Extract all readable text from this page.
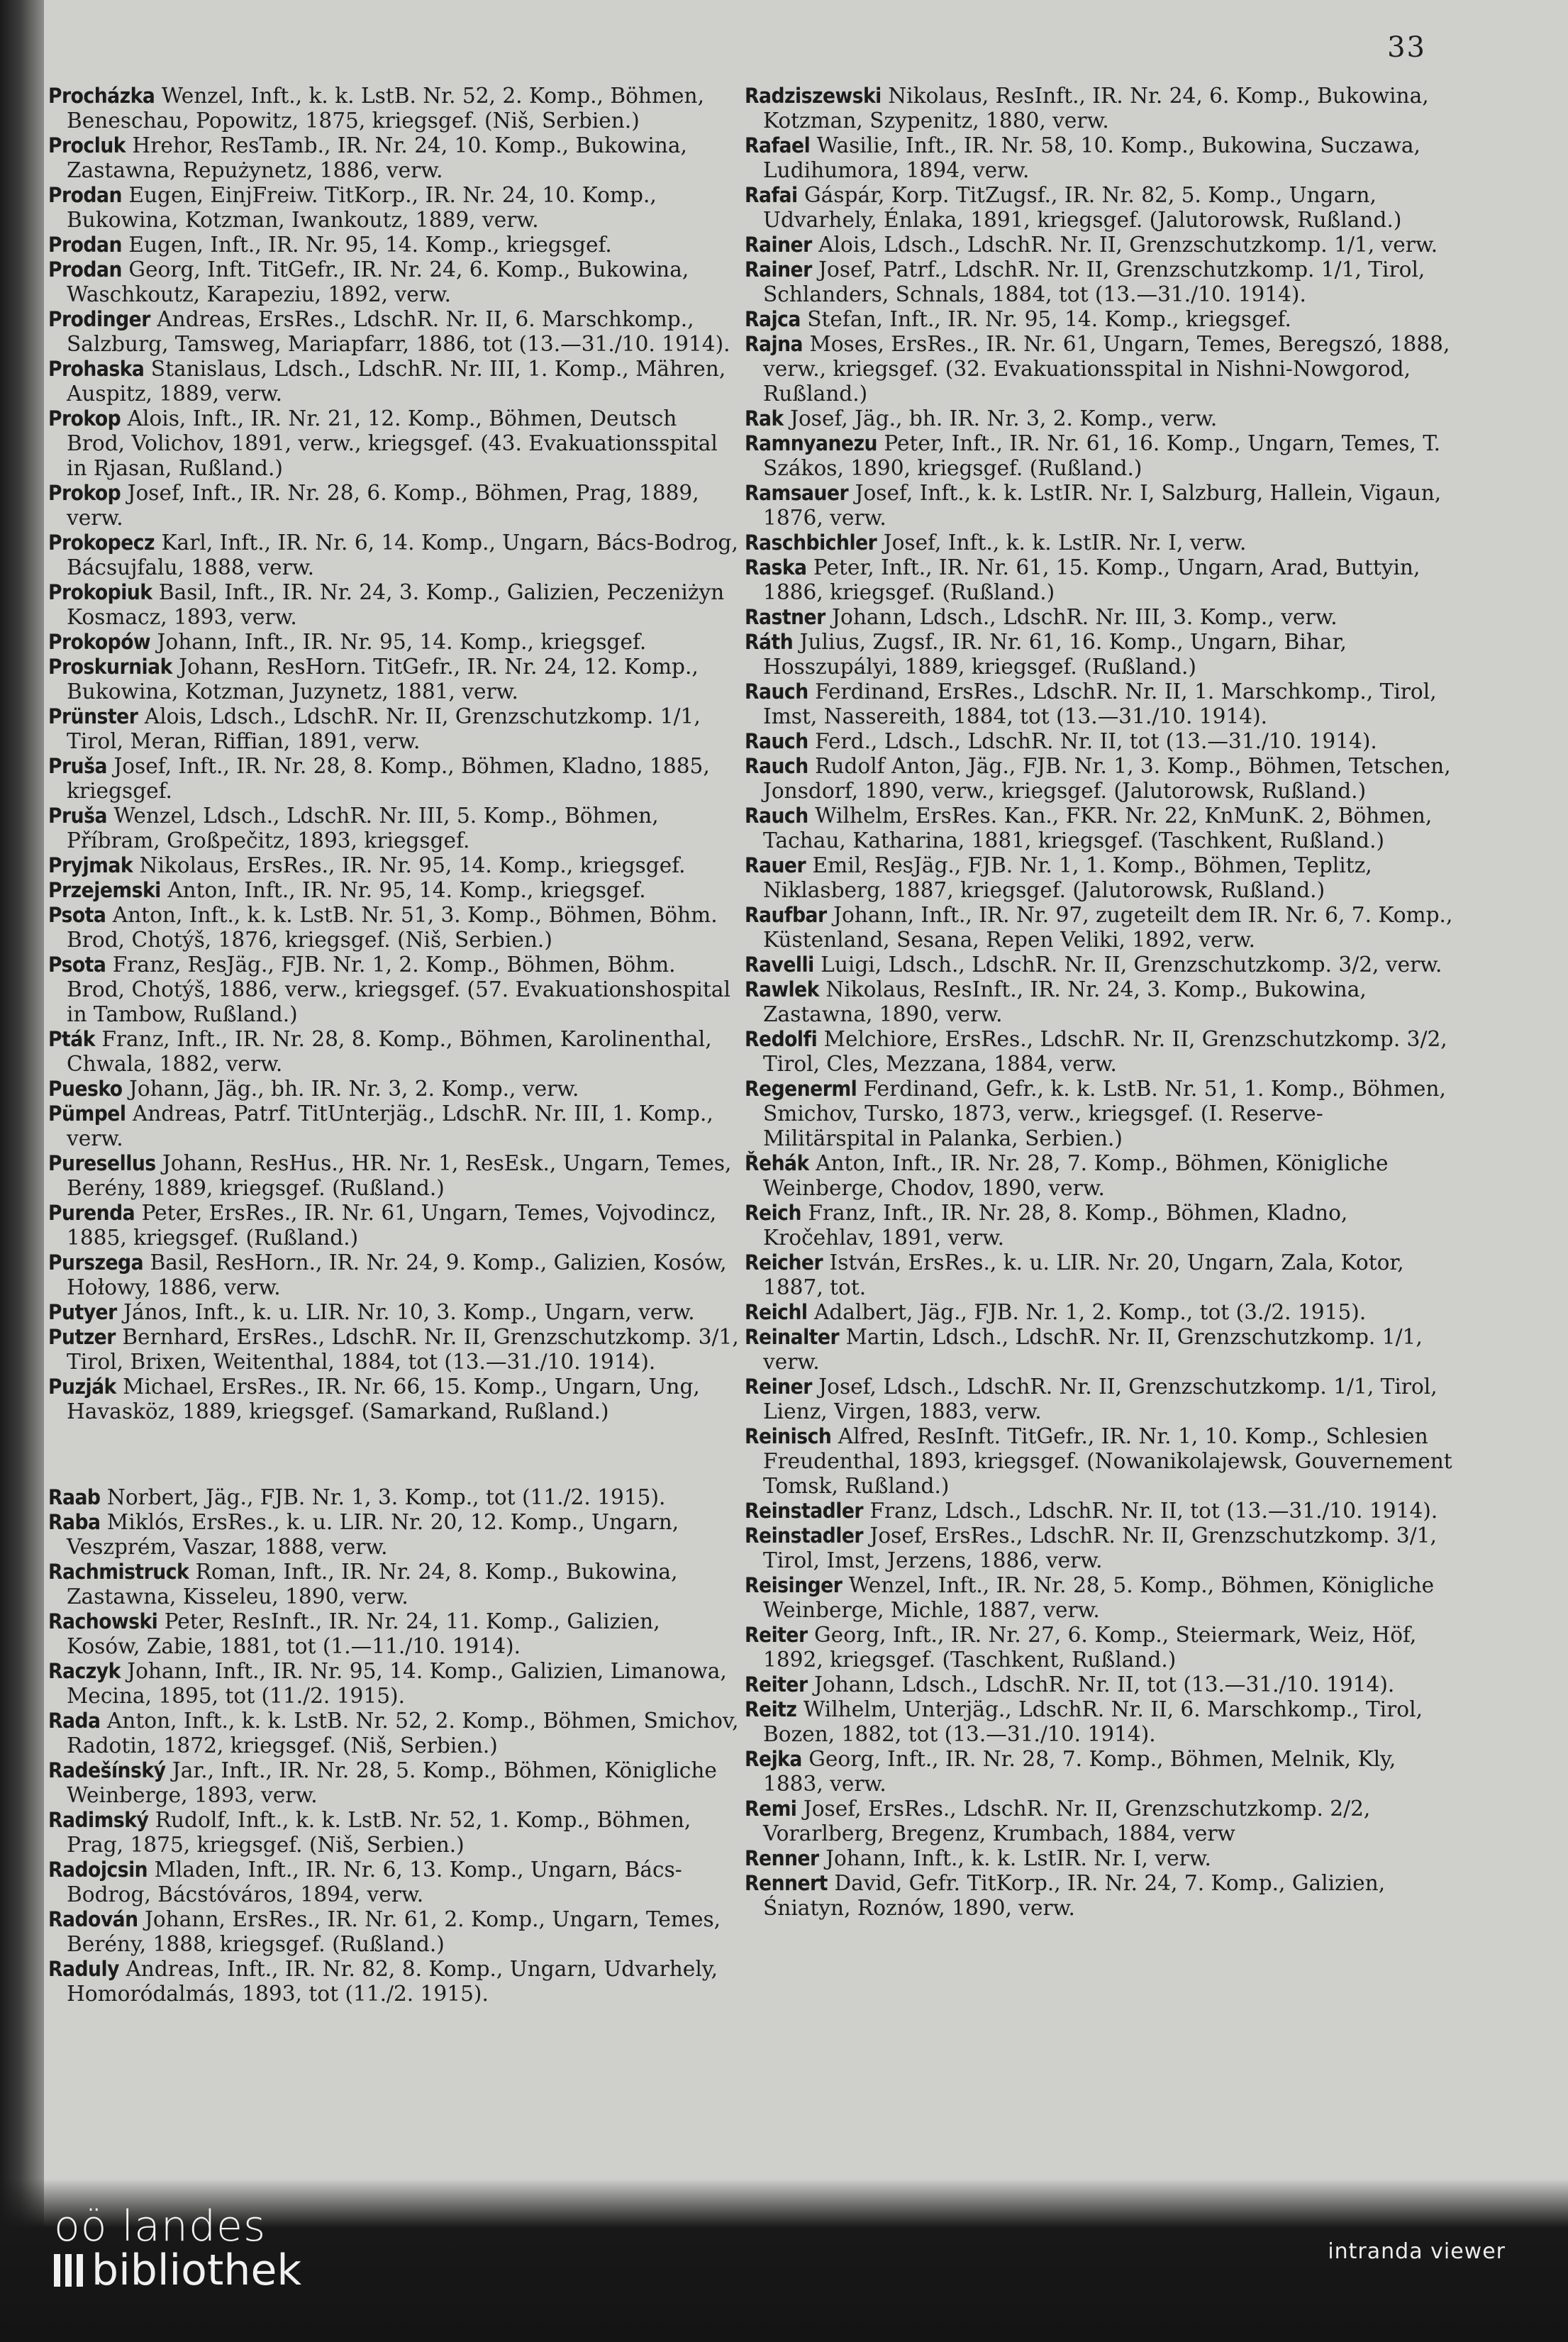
33
Procházka Wenzel, Inft., k. k. LstB. Nr. 52, 2. Komp., Böhmen, Beneschau, Popowitz, 1875, kriegsgef. (Niš, Serbien.)
Procluk Hrehor, ResTamb., IR. Nr. 24, 10. Komp., Bukowina, Zastawna, Repużynetz, 1886, verw.
Prodan Eugen, EinjFreiw. TitKorp., IR. Nr. 24, 10. Komp., Bukowina, Kotzman, Iwankoutz, 1889, verw.
Prodan Eugen, Inft., IR. Nr. 95, 14. Komp., kriegsgef.
Prodan Georg, Inft. TitGefr., IR. Nr. 24, 6. Komp., Bukowina, Waschkoutz, Karapeziu, 1892, verw.
Prodinger Andreas, ErsRes., LdschR. Nr. II, 6. Marschkomp., Salzburg, Tamsweg, Mariapfarr, 1886, tot (13.—31./10. 1914).
Prohaska Stanislaus, Ldsch., LdschR. Nr. III, 1. Komp., Mähren, Auspitz, 1889, verw.
Prokop Alois, Inft., IR. Nr. 21, 12. Komp., Böhmen, Deutsch Brod, Volichov, 1891, verw., kriegsgef. (43. Evakuationsspital in Rjasan, Rußland.)
Prokop Josef, Inft., IR. Nr. 28, 6. Komp., Böhmen, Prag, 1889, verw.
Prokopecz Karl, Inft., IR. Nr. 6, 14. Komp., Ungarn, Bács-Bodrog, Bácsujfalu, 1888, verw.
Prokopiuk Basil, Inft., IR. Nr. 24, 3. Komp., Galizien, Peczeniżyn Kosmacz, 1893, verw.
Prokopów Johann, Inft., IR. Nr. 95, 14. Komp., kriegsgef.
Proskurniak Johann, ResHorn. TitGefr., IR. Nr. 24, 12. Komp., Bukowina, Kotzman, Juzynetz, 1881, verw.
Prünster Alois, Ldsch., LdschR. Nr. II, Grenzschutzkomp. 1/1, Tirol, Meran, Riffian, 1891, verw.
Pruša Josef, Inft., IR. Nr. 28, 8. Komp., Böhmen, Kladno, 1885, kriegsgef.
Pruša Wenzel, Ldsch., LdschR. Nr. III, 5. Komp., Böhmen, Příbram, Großpečitz, 1893, kriegsgef.
Pryjmak Nikolaus, ErsRes., IR. Nr. 95, 14. Komp., kriegsgef.
Przejemski Anton, Inft., IR. Nr. 95, 14. Komp., kriegsgef.
Psota Anton, Inft., k. k. LstB. Nr. 51, 3. Komp., Böhmen, Böhm. Brod, Chotýš, 1876, kriegsgef. (Niš, Serbien.)
Psota Franz, ResJäg., FJB. Nr. 1, 2. Komp., Böhmen, Böhm. Brod, Chotýš, 1886, verw., kriegsgef. (57. Evakuationshospital in Tambow, Rußland.)
Pták Franz, Inft., IR. Nr. 28, 8. Komp., Böhmen, Karolinenthal, Chwala, 1882, verw.
Puesko Johann, Jäg., bh. IR. Nr. 3, 2. Komp., verw.
Pümpel Andreas, Patrf. TitUnterjäg., LdschR. Nr. III, 1. Komp., verw.
Puresellus Johann, ResHus., HR. Nr. 1, ResEsk., Ungarn, Temes, Berény, 1889, kriegsgef. (Rußland.)
Purenda Peter, ErsRes., IR. Nr. 61, Ungarn, Temes, Vojvodincz, 1885, kriegsgef. (Rußland.)
Purszega Basil, ResHorn., IR. Nr. 24, 9. Komp., Galizien, Kosów, Hołowy, 1886, verw.
Putyer János, Inft., k. u. LIR. Nr. 10, 3. Komp., Ungarn, verw.
Putzer Bernhard, ErsRes., LdschR. Nr. II, Grenzschutzkomp. 3/1, Tirol, Brixen, Weitenthal, 1884, tot (13.—31./10. 1914).
Puzják Michael, ErsRes., IR. Nr. 66, 15. Komp., Ungarn, Ung, Havasköz, 1889, kriegsgef. (Samarkand, Rußland.)
Raab Norbert, Jäg., FJB. Nr. 1, 3. Komp., tot (11./2. 1915).
Raba Miklós, ErsRes., k. u. LIR. Nr. 20, 12. Komp., Ungarn, Veszprém, Vaszar, 1888, verw.
Rachmistruck Roman, Inft., IR. Nr. 24, 8. Komp., Bukowina, Zastawna, Kisseleu, 1890, verw.
Rachowski Peter, ResInft., IR. Nr. 24, 11. Komp., Galizien, Kosów, Zabie, 1881, tot (1.—11./10. 1914).
Raczyk Johann, Inft., IR. Nr. 95, 14. Komp., Galizien, Limanowa, Mecina, 1895, tot (11./2. 1915).
Rada Anton, Inft., k. k. LstB. Nr. 52, 2. Komp., Böhmen, Smichov, Radotin, 1872, kriegsgef. (Niš, Serbien.)
Radešínský Jar., Inft., IR. Nr. 28, 5. Komp., Böhmen, Königliche Weinberge, 1893, verw.
Radimský Rudolf, Inft., k. k. LstB. Nr. 52, 1. Komp., Böhmen, Prag, 1875, kriegsgef. (Niš, Serbien.)
Radojcsin Mladen, Inft., IR. Nr. 6, 13. Komp., Ungarn, Bács-Bodrog, Bácstóváros, 1894, verw.
Radován Johann, ErsRes., IR. Nr. 61, 2. Komp., Ungarn, Temes, Berény, 1888, kriegsgef. (Rußland.)
Raduly Andreas, Inft., IR. Nr. 82, 8. Komp., Ungarn, Udvarhely, Homoródalmás, 1893, tot (11./2. 1915).
Radziszewski Nikolaus, ResInft., IR. Nr. 24, 6. Komp., Bukowina, Kotzman, Szypenitz, 1880, verw.
Rafael Wasilie, Inft., IR. Nr. 58, 10. Komp., Bukowina, Suczawa, Ludihumora, 1894, verw.
Rafai Gáspár, Korp. TitZugsf., IR. Nr. 82, 5. Komp., Ungarn, Udvarhely, Énlaka, 1891, kriegsgef. (Jalutorowsk, Rußland.)
Rainer Alois, Ldsch., LdschR. Nr. II, Grenzschutzkomp. 1/1, verw.
Rainer Josef, Patrf., LdschR. Nr. II, Grenzschutzkomp. 1/1, Tirol, Schlanders, Schnals, 1884, tot (13.—31./10. 1914).
Rajca Stefan, Inft., IR. Nr. 95, 14. Komp., kriegsgef.
Rajna Moses, ErsRes., IR. Nr. 61, Ungarn, Temes, Beregszó, 1888, verw., kriegsgef. (32. Evakuationsspital in Nishni-Nowgorod, Rußland.)
Rak Josef, Jäg., bh. IR. Nr. 3, 2. Komp., verw.
Ramnyanezu Peter, Inft., IR. Nr. 61, 16. Komp., Ungarn, Temes, T. Szákos, 1890, kriegsgef. (Rußland.)
Ramsauer Josef, Inft., k. k. LstIR. Nr. I, Salzburg, Hallein, Vigaun, 1876, verw.
Raschbichler Josef, Inft., k. k. LstIR. Nr. I, verw.
Raska Peter, Inft., IR. Nr. 61, 15. Komp., Ungarn, Arad, Buttyin, 1886, kriegsgef. (Rußland.)
Rastner Johann, Ldsch., LdschR. Nr. III, 3. Komp., verw.
Ráth Julius, Zugsf., IR. Nr. 61, 16. Komp., Ungarn, Bihar, Hosszupályi, 1889, kriegsgef. (Rußland.)
Rauch Ferdinand, ErsRes., LdschR. Nr. II, 1. Marschkomp., Tirol, Imst, Nassereith, 1884, tot (13.—31./10. 1914).
Rauch Ferd., Ldsch., LdschR. Nr. II, tot (13.—31./10. 1914).
Rauch Rudolf Anton, Jäg., FJB. Nr. 1, 3. Komp., Böhmen, Tetschen, Jonsdorf, 1890, verw., kriegsgef. (Jalutorowsk, Rußland.)
Rauch Wilhelm, ErsRes. Kan., FKR. Nr. 22, KnMunK. 2, Böhmen, Tachau, Katharina, 1881, kriegsgef. (Taschkent, Rußland.)
Rauer Emil, ResJäg., FJB. Nr. 1, 1. Komp., Böhmen, Teplitz, Niklasberg, 1887, kriegsgef. (Jalutorowsk, Rußland.)
Raufbar Johann, Inft., IR. Nr. 97, zugeteilt dem IR. Nr. 6, 7. Komp., Küstenland, Sesana, Repen Veliki, 1892, verw.
Ravelli Luigi, Ldsch., LdschR. Nr. II, Grenzschutzkomp. 3/2, verw.
Rawlek Nikolaus, ResInft., IR. Nr. 24, 3. Komp., Bukowina, Zastawna, 1890, verw.
Redolfi Melchiore, ErsRes., LdschR. Nr. II, Grenzschutzkomp. 3/2, Tirol, Cles, Mezzana, 1884, verw.
Regenerml Ferdinand, Gefr., k. k. LstB. Nr. 51, 1. Komp., Böhmen, Smichov, Tursko, 1873, verw., kriegsgef. (I. Reserve-Militärspital in Palanka, Serbien.)
Řehák Anton, Inft., IR. Nr. 28, 7. Komp., Böhmen, Königliche Weinberge, Chodov, 1890, verw.
Reich Franz, Inft., IR. Nr. 28, 8. Komp., Böhmen, Kladno, Kročehlav, 1891, verw.
Reicher István, ErsRes., k. u. LIR. Nr. 20, Ungarn, Zala, Kotor, 1887, tot.
Reichl Adalbert, Jäg., FJB. Nr. 1, 2. Komp., tot (3./2. 1915).
Reinalter Martin, Ldsch., LdschR. Nr. II, Grenzschutzkomp. 1/1, verw.
Reiner Josef, Ldsch., LdschR. Nr. II, Grenzschutzkomp. 1/1, Tirol, Lienz, Virgen, 1883, verw.
Reinisch Alfred, ResInft. TitGefr., IR. Nr. 1, 10. Komp., Schlesien Freudenthal, 1893, kriegsgef. (Nowanikolajewsk, Gouvernement Tomsk, Rußland.)
Reinstadler Franz, Ldsch., LdschR. Nr. II, tot (13.—31./10. 1914).
Reinstadler Josef, ErsRes., LdschR. Nr. II, Grenzschutzkomp. 3/1, Tirol, Imst, Jerzens, 1886, verw.
Reisinger Wenzel, Inft., IR. Nr. 28, 5. Komp., Böhmen, Königliche Weinberge, Michle, 1887, verw.
Reiter Georg, Inft., IR. Nr. 27, 6. Komp., Steiermark, Weiz, Höf, 1892, kriegsgef. (Taschkent, Rußland.)
Reiter Johann, Ldsch., LdschR. Nr. II, tot (13.—31./10. 1914).
Reitz Wilhelm, Unterjäg., LdschR. Nr. II, 6. Marschkomp., Tirol, Bozen, 1882, tot (13.—31./10. 1914).
Rejka Georg, Inft., IR. Nr. 28, 7. Komp., Böhmen, Melnik, Kly, 1883, verw.
Remi Josef, ErsRes., LdschR. Nr. II, Grenzschutzkomp. 2/2, Vorarlberg, Bregenz, Krumbach, 1884, verw
Renner Johann, Inft., k. k. LstIR. Nr. I, verw.
Rennert David, Gefr. TitKorp., IR. Nr. 24, 7. Komp., Galizien, Śniatyn, Roznów, 1890, verw.
oö landes
bibliothek	intranda viewer
